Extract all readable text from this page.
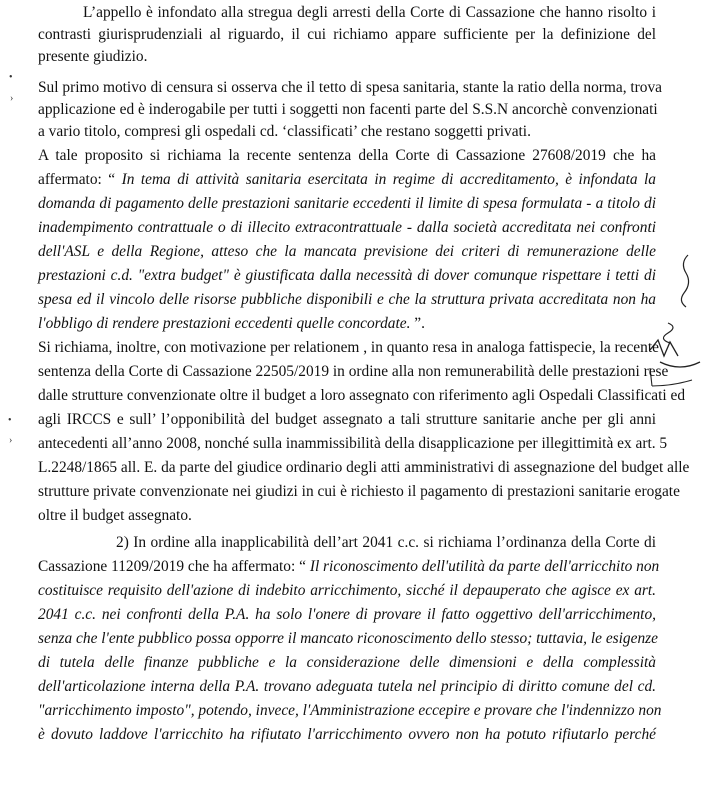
•
›
•
›
L’appello è infondato alla stregua degli arresti della Corte di Cassazione che hanno risolto i
contrasti giurisprudenziali al riguardo, il cui richiamo appare sufficiente per la definizione del
presente giudizio.
Sul primo motivo di censura si osserva che il tetto di spesa sanitaria, stante la ratio della norma, trova
applicazione ed è inderogabile per tutti i soggetti non facenti parte del S.S.N ancorchè convenzionati
a vario titolo, compresi gli ospedali cd. ‘classificati’ che restano soggetti privati.
A tale proposito si richiama la recente sentenza della Corte di Cassazione 27608/2019 che ha
affermato: “ In tema di attività sanitaria esercitata in regime di accreditamento, è infondata la
domanda di pagamento delle prestazioni sanitarie eccedenti il limite di spesa formulata - a titolo di
inadempimento contrattuale o di illecito extracontrattuale - dalla società accreditata nei confronti
dell'ASL e della Regione, atteso che la mancata previsione dei criteri di remunerazione delle
prestazioni c.d. "extra budget" è giustificata dalla necessità di dover comunque rispettare i tetti di
spesa ed il vincolo delle risorse pubbliche disponibili e che la struttura privata accreditata non ha
l'obbligo di rendere prestazioni eccedenti quelle concordate. ”.
Si richiama, inoltre, con motivazione per relationem , in quanto resa in analoga fattispecie, la recente
sentenza della Corte di Cassazione 22505/2019 in ordine alla non remunerabilità delle prestazioni rese
dalle strutture convenzionate oltre il budget a loro assegnato con riferimento agli Ospedali Classificati ed
agli IRCCS e sull’ l’opponibilità del budget assegnato a tali strutture sanitarie anche per gli anni
antecedenti all’anno 2008, nonché sulla inammissibilità della disapplicazione per illegittimità ex art. 5
L.2248/1865 all. E. da parte del giudice ordinario degli atti amministrativi di assegnazione del budget alle
strutture private convenzionate nei giudizi in cui è richiesto il pagamento di prestazioni sanitarie erogate
oltre il budget assegnato.
2) In ordine alla inapplicabilità dell’art 2041 c.c. si richiama l’ordinanza della Corte di
Cassazione 11209/2019 che ha affermato: “ Il riconoscimento dell'utilità da parte dell'arricchito non
costituisce requisito dell'azione di indebito arricchimento, sicché il depauperato che agisce ex art.
2041 c.c. nei confronti della P.A. ha solo l'onere di provare il fatto oggettivo dell'arricchimento,
senza che l'ente pubblico possa opporre il mancato riconoscimento dello stesso; tuttavia, le esigenze
di tutela delle finanze pubbliche e la considerazione delle dimensioni e della complessità
dell'articolazione interna della P.A. trovano adeguata tutela nel principio di diritto comune del cd.
"arricchimento imposto", potendo, invece, l'Amministrazione eccepire e provare che l'indennizzo non
è dovuto laddove l'arricchito ha rifiutato l'arricchimento ovvero non ha potuto rifiutarlo perché
